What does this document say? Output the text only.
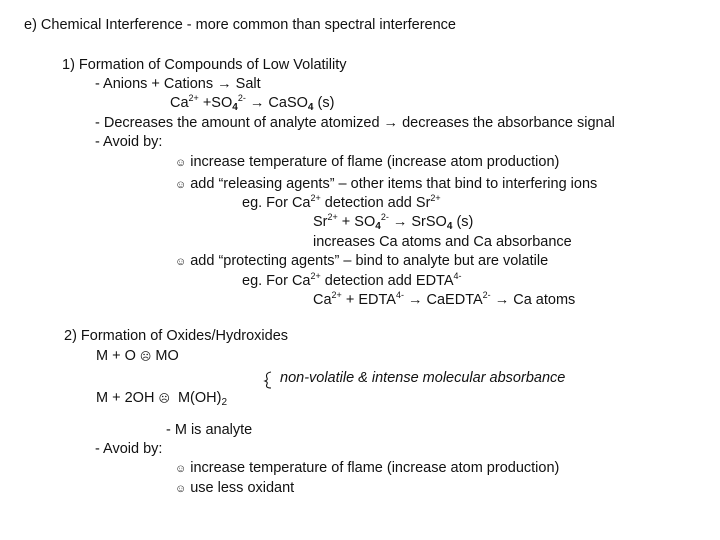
e) Chemical Interference - more common than spectral interference
1) Formation of Compounds of Low Volatility
- Anions + Cations → Salt
$Ca^{2+} +SO_4^{2-}$ → CaSO$_4$ (s)
- Decreases the amount of analyte atomized → decreases the absorbance signal
- Avoid by:
☺ increase temperature of flame (increase atom production)
☺ add “releasing agents” – other items that bind to interfering ions
eg. For $Ca^{2+}$ detection add $Sr^{2+}$
$Sr^{2+} + SO_4^{2-}$ → SrSO$_4$ (s)
increases Ca atoms and Ca absorbance
☺ add “protecting agents” – bind to analyte but are volatile
eg. For $Ca^{2+}$ detection add $EDTA^{4-}$
$Ca^{2+}$ + $EDTA^{4-}$ → CaEDTA$^{2-}$ → Ca atoms
2) Formation of Oxides/Hydroxides
M + O ☹ MO
M + 2OH ☹ $M(OH)_2$
non-volatile & intense molecular absorbance
- M is analyte
- Avoid by:
☺ increase temperature of flame (increase atom production)
☺ use less oxidant
